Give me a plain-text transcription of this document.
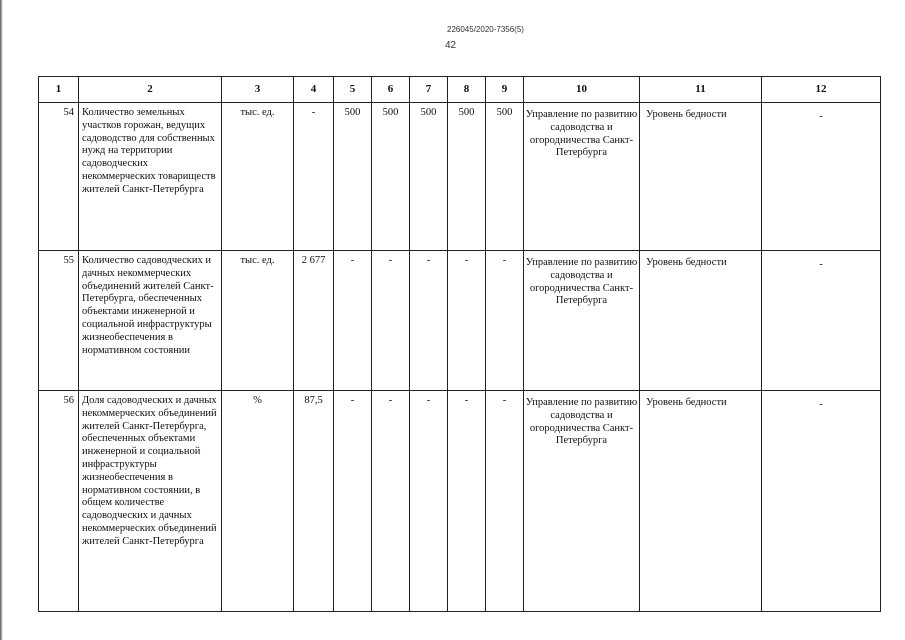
226045/2020-7356(5)
42
1	2	3	4	5	6	7	8	9	10	11	12
54	Количество земельных участков горожан, ведущих садоводство для собственных нужд на территории садоводческих некоммерческих товариществ жителей Санкт-Петербурга	тыс. ед.	-	500	500	500	500	500	Управление по развитию садоводства и огородничества Санкт-Петербурга	Уровень бедности	-
55	Количество садоводческих и дачных некоммерческих объединений жителей Санкт-Петербурга, обеспеченных объектами инженерной и социальной инфраструктуры жизнеобеспечения в нормативном состоянии	тыс. ед.	2 677	-	-	-	-	-	Управление по развитию садоводства и огородничества Санкт-Петербурга	Уровень бедности	-
56	Доля садоводческих и дачных некоммерческих объединений жителей Санкт-Петербурга, обеспеченных объектами инженерной и социальной инфраструктуры жизнеобеспечения в нормативном состоянии, в общем количестве садоводческих и дачных некоммерческих объединений жителей Санкт-Петербурга	%	87,5	-	-	-	-	-	Управление по развитию садоводства и огородничества Санкт-Петербурга	Уровень бедности	-
